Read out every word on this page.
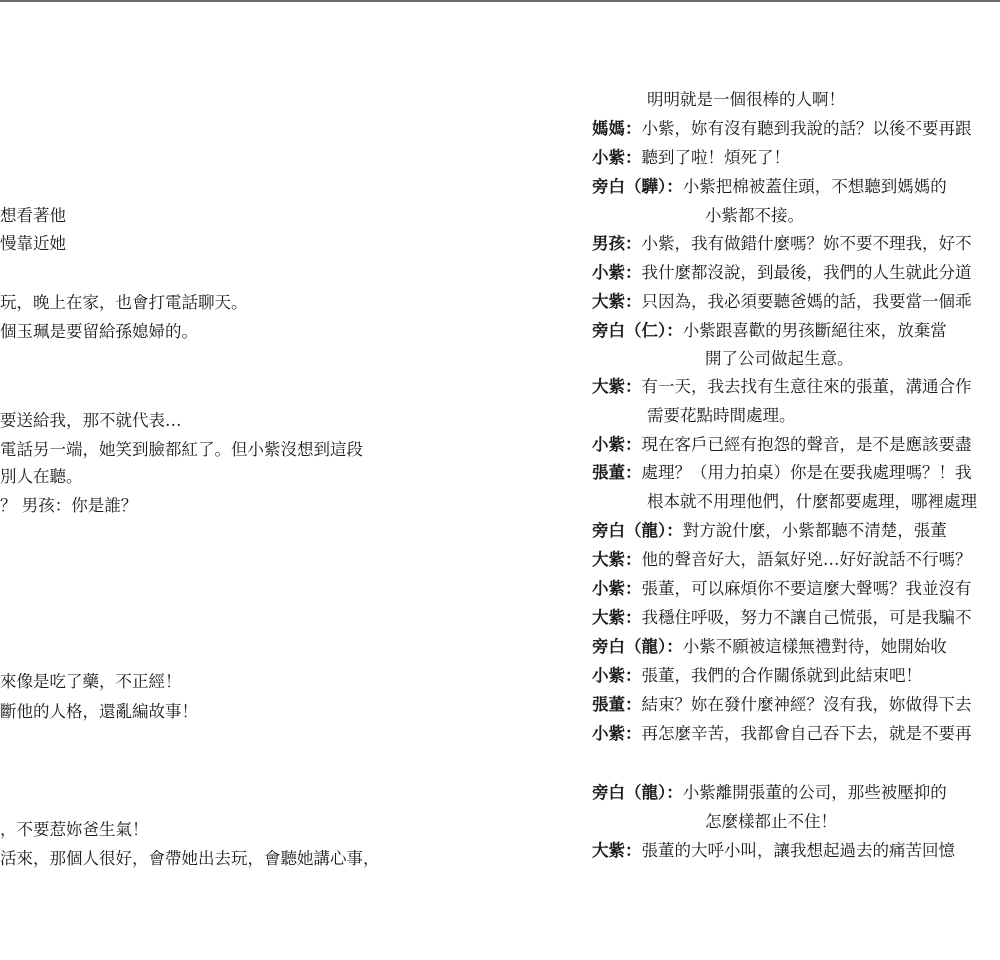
想看著他
慢靠近她
玩，晚上在家，也會打電話聊天。
個玉珮是要留給孫媳婦的。
要送給我，那不就代表…
電話另一端，她笑到臉都紅了。但小紫沒想到這段
別人在聽。
？ 男孩：你是誰？
來像是吃了藥，不正經！
斷他的人格，還亂編故事！
，不要惹妳爸生氣！
活來，那個人很好，會帶她出去玩，會聽她講心事，
明明就是一個很棒的人啊！
媽媽：小紫，妳有沒有聽到我說的話？以後不要再跟
小紫：聽到了啦！煩死了！
旁白（驊）：小紫把棉被蓋住頭，不想聽到媽媽的
小紫都不接。
男孩：小紫，我有做錯什麼嗎？妳不要不理我，好不
小紫：我什麼都沒說，到最後，我們的人生就此分道
大紫：只因為，我必須要聽爸媽的話，我要當一個乖
旁白（仁）：小紫跟喜歡的男孩斷絕往來，放棄當
開了公司做起生意。
大紫：有一天，我去找有生意往來的張董，溝通合作
需要花點時間處理。
小紫：現在客戶已經有抱怨的聲音，是不是應該要盡
張董：處理？（用力拍桌）你是在要我處理嗎？！我
根本就不用理他們，什麼都要處理，哪裡處理
旁白（龍）：對方說什麼，小紫都聽不清楚，張董
大紫：他的聲音好大，語氣好兇…好好說話不行嗎？
小紫：張董，可以麻煩你不要這麼大聲嗎？我並沒有
大紫：我穩住呼吸，努力不讓自己慌張，可是我騙不
旁白（龍）：小紫不願被這樣無禮對待，她開始收
小紫：張董，我們的合作關係就到此結束吧！
張董：結束？妳在發什麼神經？沒有我，妳做得下去
小紫：再怎麼辛苦，我都會自己吞下去，就是不要再
旁白（龍）：小紫離開張董的公司，那些被壓抑的
怎麼樣都止不住！
大紫：張董的大呼小叫，讓我想起過去的痛苦回憶
